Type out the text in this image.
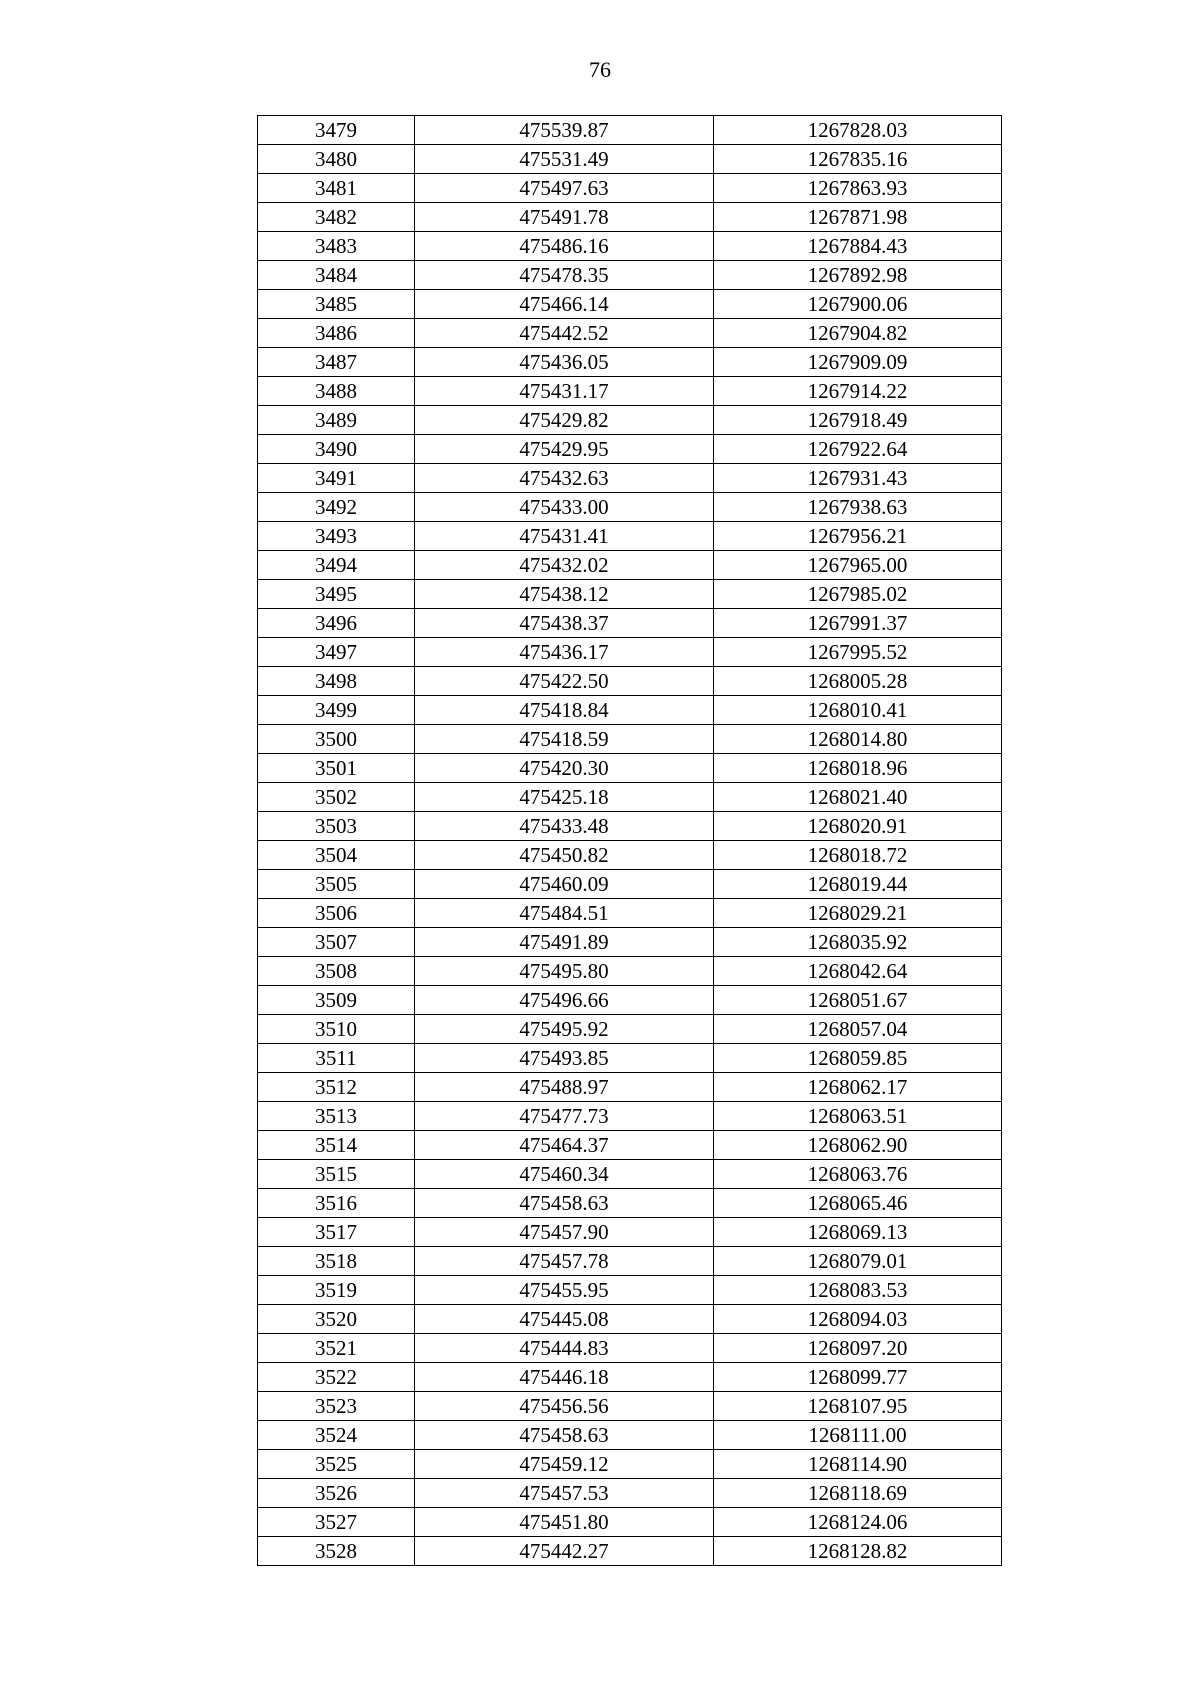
76
3479	475539.87	1267828.03
3480	475531.49	1267835.16
3481	475497.63	1267863.93
3482	475491.78	1267871.98
3483	475486.16	1267884.43
3484	475478.35	1267892.98
3485	475466.14	1267900.06
3486	475442.52	1267904.82
3487	475436.05	1267909.09
3488	475431.17	1267914.22
3489	475429.82	1267918.49
3490	475429.95	1267922.64
3491	475432.63	1267931.43
3492	475433.00	1267938.63
3493	475431.41	1267956.21
3494	475432.02	1267965.00
3495	475438.12	1267985.02
3496	475438.37	1267991.37
3497	475436.17	1267995.52
3498	475422.50	1268005.28
3499	475418.84	1268010.41
3500	475418.59	1268014.80
3501	475420.30	1268018.96
3502	475425.18	1268021.40
3503	475433.48	1268020.91
3504	475450.82	1268018.72
3505	475460.09	1268019.44
3506	475484.51	1268029.21
3507	475491.89	1268035.92
3508	475495.80	1268042.64
3509	475496.66	1268051.67
3510	475495.92	1268057.04
3511	475493.85	1268059.85
3512	475488.97	1268062.17
3513	475477.73	1268063.51
3514	475464.37	1268062.90
3515	475460.34	1268063.76
3516	475458.63	1268065.46
3517	475457.90	1268069.13
3518	475457.78	1268079.01
3519	475455.95	1268083.53
3520	475445.08	1268094.03
3521	475444.83	1268097.20
3522	475446.18	1268099.77
3523	475456.56	1268107.95
3524	475458.63	1268111.00
3525	475459.12	1268114.90
3526	475457.53	1268118.69
3527	475451.80	1268124.06
3528	475442.27	1268128.82
